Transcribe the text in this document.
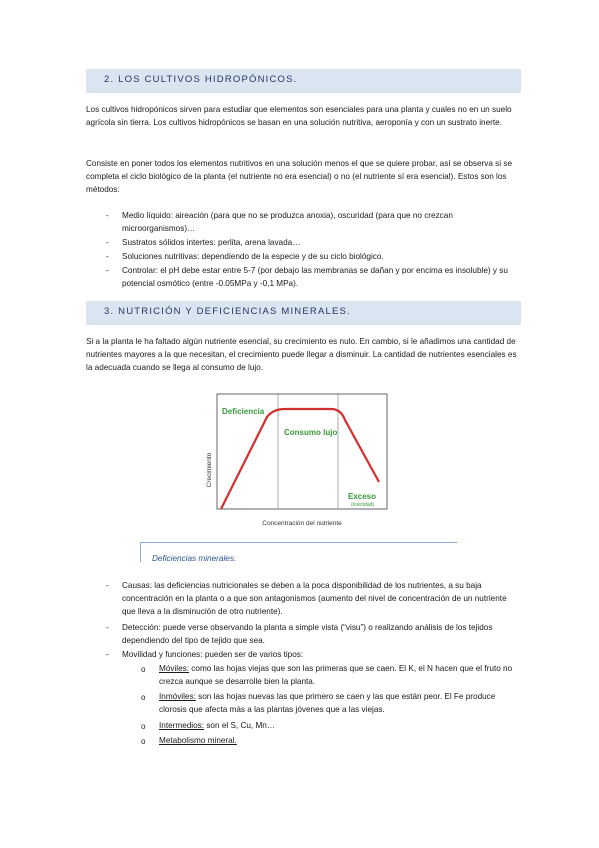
2. LOS CULTIVOS HIDROPÓNICOS.

Los cultivos hidropónicos sirven para estudiar que elementos son esenciales para una planta y cuales no en un suelo agrícola sin tierra. Los cultivos hidropónicos se basan en una solución nutritiva, aeroponía y con un sustrato inerte.

Consiste en poner todos los elementos nutritivos en una solución menos el que se quiere probar, así se observa si se completa el ciclo biológico de la planta (el nutriente no era esencial) o no (el nutriente sí era esencial). Estos son los métodos:

- Medio líquido: aireación (para que no se produzca anoxia), oscuridad (para que no crezcan microorganismos)…

- Sustratos sólidos intertes: perlita, arena lavada…

- Soluciones nutritivas: dependiendo de la especie y de su ciclo biológico.

- Controlar: el pH debe estar entre 5-7 (por debajo las membranas se dañan y por encima es insoluble) y su potencial osmótico (entre -0.05MPa y -0,1 MPa).

3. NUTRICIÓN Y DEFICIENCIAS MINERALES.

Si a la planta le ha faltado algún nutriente esencial, su crecimiento es nulo. En cambio, si le añadimos una cantidad de nutrientes mayores a la que necesitan, el crecimiento puede llegar a disminuir. La cantidad de nutrientes esenciales es la adecuada cuando se llega al consumo de lujo.

Deficiencia
Consumo lujo
Exceso
(toxicidad)
Crecimiento
Concentración del nutriente
Deficiencias minerales.
- Causas: las deficiencias nutricionales se deben a la poca disponibilidad de los nutrientes, a su baja concentración en la planta o a que son antagonismos (aumento del nivel de concentración de un nutriente que lleva a la disminución de otro nutriente).

- Detección: puede verse observando la planta a simple vista (“visu”) o realizando análisis de los tejidos dependiendo del tipo de tejido que sea.

- Movilidad y funciones: pueden ser de varios tipos:

o Móviles: como las hojas viejas que son las primeras que se caen. El K, el N hacen que el fruto no crezca aunque se desarrolle bien la planta.

o Inmóviles: son las hojas nuevas las que primero se caen y las que están peor. El Fe produce clorosis que afecta más a las plantas jóvenes que a las viejas.

o Intermedios: son el S, Cu, Mn…

o Metabolismo mineral.
